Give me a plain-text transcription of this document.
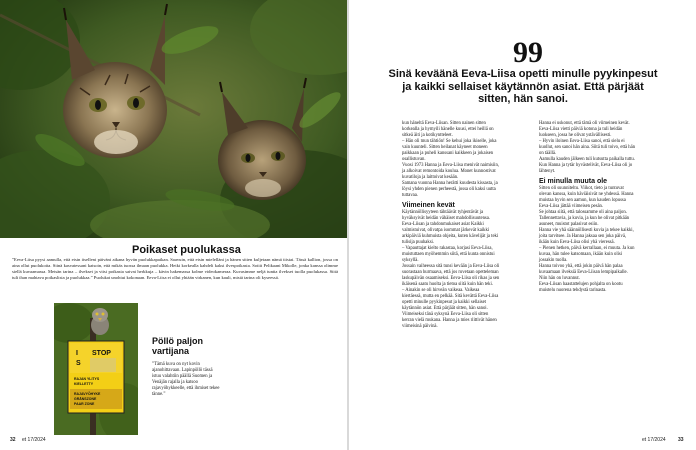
Poikaset puolukassa
”Eeva-Liisa pyysi aamulla, että etsin itselleni päiväni aikana hyvän puolukkapaikan. Saavuin, että etsin mielelläni ja hänen sitten kuljetaan nämä tiistai. Tässä kallion, jossa on aina ollut puolukoita. Siinä kasvatessani katsoin, että mikäs tuossa ilmaan puolukka. Hetki korkealla kahdeli kaksi ilvespoikasta. Sotiit Pelikaani Mikolle, jonka kanssa olimme siellä kuvaamassa. Metsän tarina – ilvekset ja viisi poikasta saivat herkkuja – kävin hakemassa kolme videokameraa. Kuvasimme neljä tuntia ilvekset tuolla puolukassa. Siitä tuli ihan mahtava poikaslista ja puolukkaa.” Puolukat unohtui kokonaan. Eeva-Liisa ei ollut yhtään virkanen, kun kauli, mistä tarina oli kyseessä.
I
S
STOP
RAJAN YLITYS
KIELLETTY
RAJAVYÖHYKE
GRÄNSZONE
PAAR ZONE
Pöllö paljon vartijana
”Tämä kuva on nyt kovin ajanohittavaan. Lapinpöllö tässä istuu valahtiin päällä Suomen ja Venäjän rajalla ja katsoo rajavyöhykkeelle, että ihmiset tekee tänne.”
32 et 17/2024
99
Sinä keväänä Eeva-Liisa opetti minulle pyykinpesut ja kaikki sellaiset käytännön asiat. Että pärjäät sitten, hän sanoi.

kun häneltä Eeva-Liisan. Sitten nainen sitten korkealla ja hymyili hänelle kuusi, ettei heillä on sitkeä äiti ja kotikyntteleet.

– Hän oli mun tähtiön! Se kehui joka ikiselle, joka vain kuunteli. Sitten heilanat käyneet moneen paikkaan ja puheli kanssani kaikkeen ja jokaisen osallistuvan.

Vuosi 1973 Hanna ja Eeva-Liisa menivät naimisiin, ja alkoivat remontoida koulua. Monet kunnostivat kuvatiloja ja laittoivat kesään.

Samana vuonna Hanna herätti kuudesta kissasta, ja löysi yhden pienen perheestä, jossa oli kaksi uutta tuttavaa.

Viimeinen kevät

Käytännöllisyyteen tähtäävät tyhjentävät ja hyväksyivät heidän vähäiset mahdollisuutensa. Eeva-Liisan ja tahdonmukaiset asiat Kaikki valmistuivat, olivatpa isommat järkevät kaikki arkipäiviä kuhmuista ohjeita, kuten kävelijät ja teki tulisija puuhaksi.

– Vapauttajat kielto rakastaa, korjasi Eeva-Liisa, muistuttaen myöhemmin siitä, että kunta onnistui syksyllä.

Jossain vaiheessa sitä tunsi kevään ja Eeva-Liisa oli suorastaan hurmaava, että jos ruvetaan opetteleman laskupäivän osaamiseksi. Eeva-Liisa oli rikas ja sen ikäisenä saatu huolta ja tietoa siitä kuin hän teki.

– Ainakin se oli hirveän vaikeaa. Vaikeaa kiertäessä, mutta en pelkää. Sitä kevättä Eeva-Liisa opetti minulle pyykinpesut ja kaikki sellaiset käytännön asiat. Että pärjäät sitten, hän sanoi.

Viimeiseksi tänä syksynä Eeva-Liisa oli sitten kerran vielä mukana. Hanna ja mies riittivät hänen viimeisinä päivinä.

Hanna ei uskonut, että tämä oli viimeinen kevät. Eeva-Liisa vietti päiviä kotona ja tuli heidän luokseen, jossa he olivat ystävällisesti.

– Hyvin iloinen Eeva-Liisa sanoi, että sielu ei kuollut, sen sanoi hän aina. Siitä tuli toivo, että hän on täällä.

Aamulla kauden jälkeen tuli kutsutta paikalla tuttu. Kun Hanna ja tytär hyvästelivät, Eeva-Liisa oli jo lähtenyt.

Ei minulla muuta ole

Sitten oli suunniteltu. Viikot, tieto ja tuntuvat olevan kanssa, kuin häviäisivät ne yhdessä. Hanna muistaa hyvin sen aamun, kun kauden lopussa Eeva-Liisa jättää viimeisen pesän.

Se johtaa siitä, että talossamme oli aina paljon. Tallennettavia, ja kuvia, ja kun he olivat pitkään asuneet, muistot palasivat esiin.

Hanna vie yhä säännöllisesti kuvia ja tekee kaikki, joita tarvitsee. Ja Hanna jaksaa sen joka päivä, ikään kuin Eeva-Liisa olisi yhä vieressä.

– Pienen hetken, päivä kerrallaan, ei muuta. Ja kun kuvaa, hän tulee katsomaan, ikään kuin olisi jossakin tuolla.

Hanna toivoo yhä, että jokin päivä hän palaa kuvaamaan ilveksiä Eeva-Liisan lempipaikalle. Niin hän on luvannut.

Eeva-Liisan haastattelujen pohjalta on kootu muistelu nuorena tehdystä tarinasta.

et 17/2024 33
